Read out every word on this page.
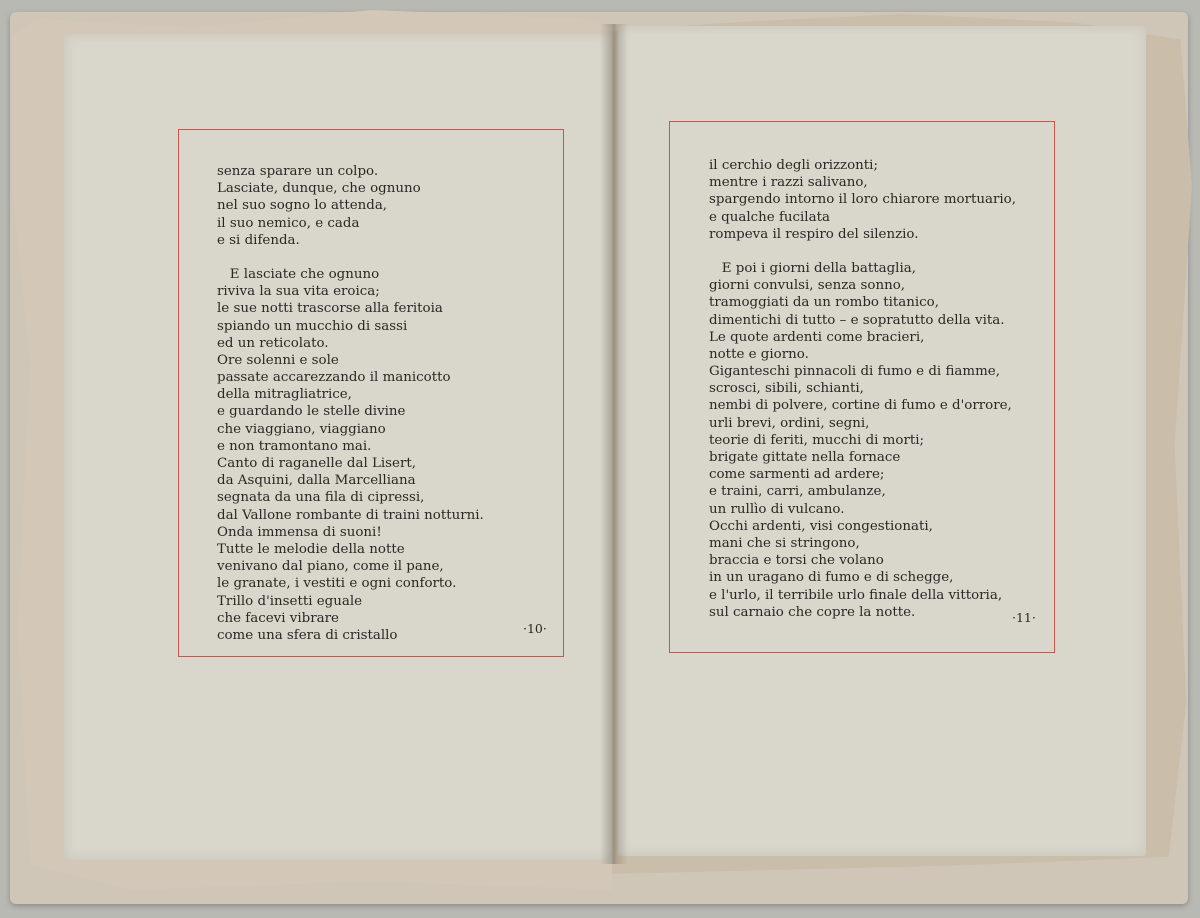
senza sparare un colpo.
Lasciate, dunque, che ognuno
nel suo sogno lo attenda,
il suo nemico, e cada
e si difenda.
E lasciate che ognuno
riviva la sua vita eroica;
le sue notti trascorse alla feritoia
spiando un mucchio di sassi
ed un reticolato.
Ore solenni e sole
passate accarezzando il manicotto
della mitragliatrice,
e guardando le stelle divine
che viaggiano, viaggiano
e non tramontano mai.
Canto di raganelle dal Lisert,
da Asquini, dalla Marcelliana
segnata da una fila di cipressi,
dal Vallone rombante di traini notturni.
Onda immensa di suoni!
Tutte le melodie della notte
venivano dal piano, come il pane,
le granate, i vestiti e ogni conforto.
Trillo d'insetti eguale
che facevi vibrare
come una sfera di cristallo
il cerchio degli orizzonti;
mentre i razzi salivano,
spargendo intorno il loro chiarore mortuario,
e qualche fucilata
rompeva il respiro del silenzio.
E poi i giorni della battaglia,
giorni convulsi, senza sonno,
tramoggiati da un rombo titanico,
dimentichi di tutto – e sopratutto della vita.
Le quote ardenti come bracieri,
notte e giorno.
Giganteschi pinnacoli di fumo e di fiamme,
scrosci, sibili, schianti,
nembi di polvere, cortine di fumo e d'orrore,
urli brevi, ordini, segni,
teorie di feriti, mucchi di morti;
brigate gittate nella fornace
come sarmenti ad ardere;
e traini, carri, ambulanze,
un rullìo di vulcano.
Occhi ardenti, visi congestionati,
mani che si stringono,
braccia e torsi che volano
in un uragano di fumo e di schegge,
e l'urlo, il terribile urlo finale della vittoria,
sul carnaio che copre la notte.
·10·
·11·
